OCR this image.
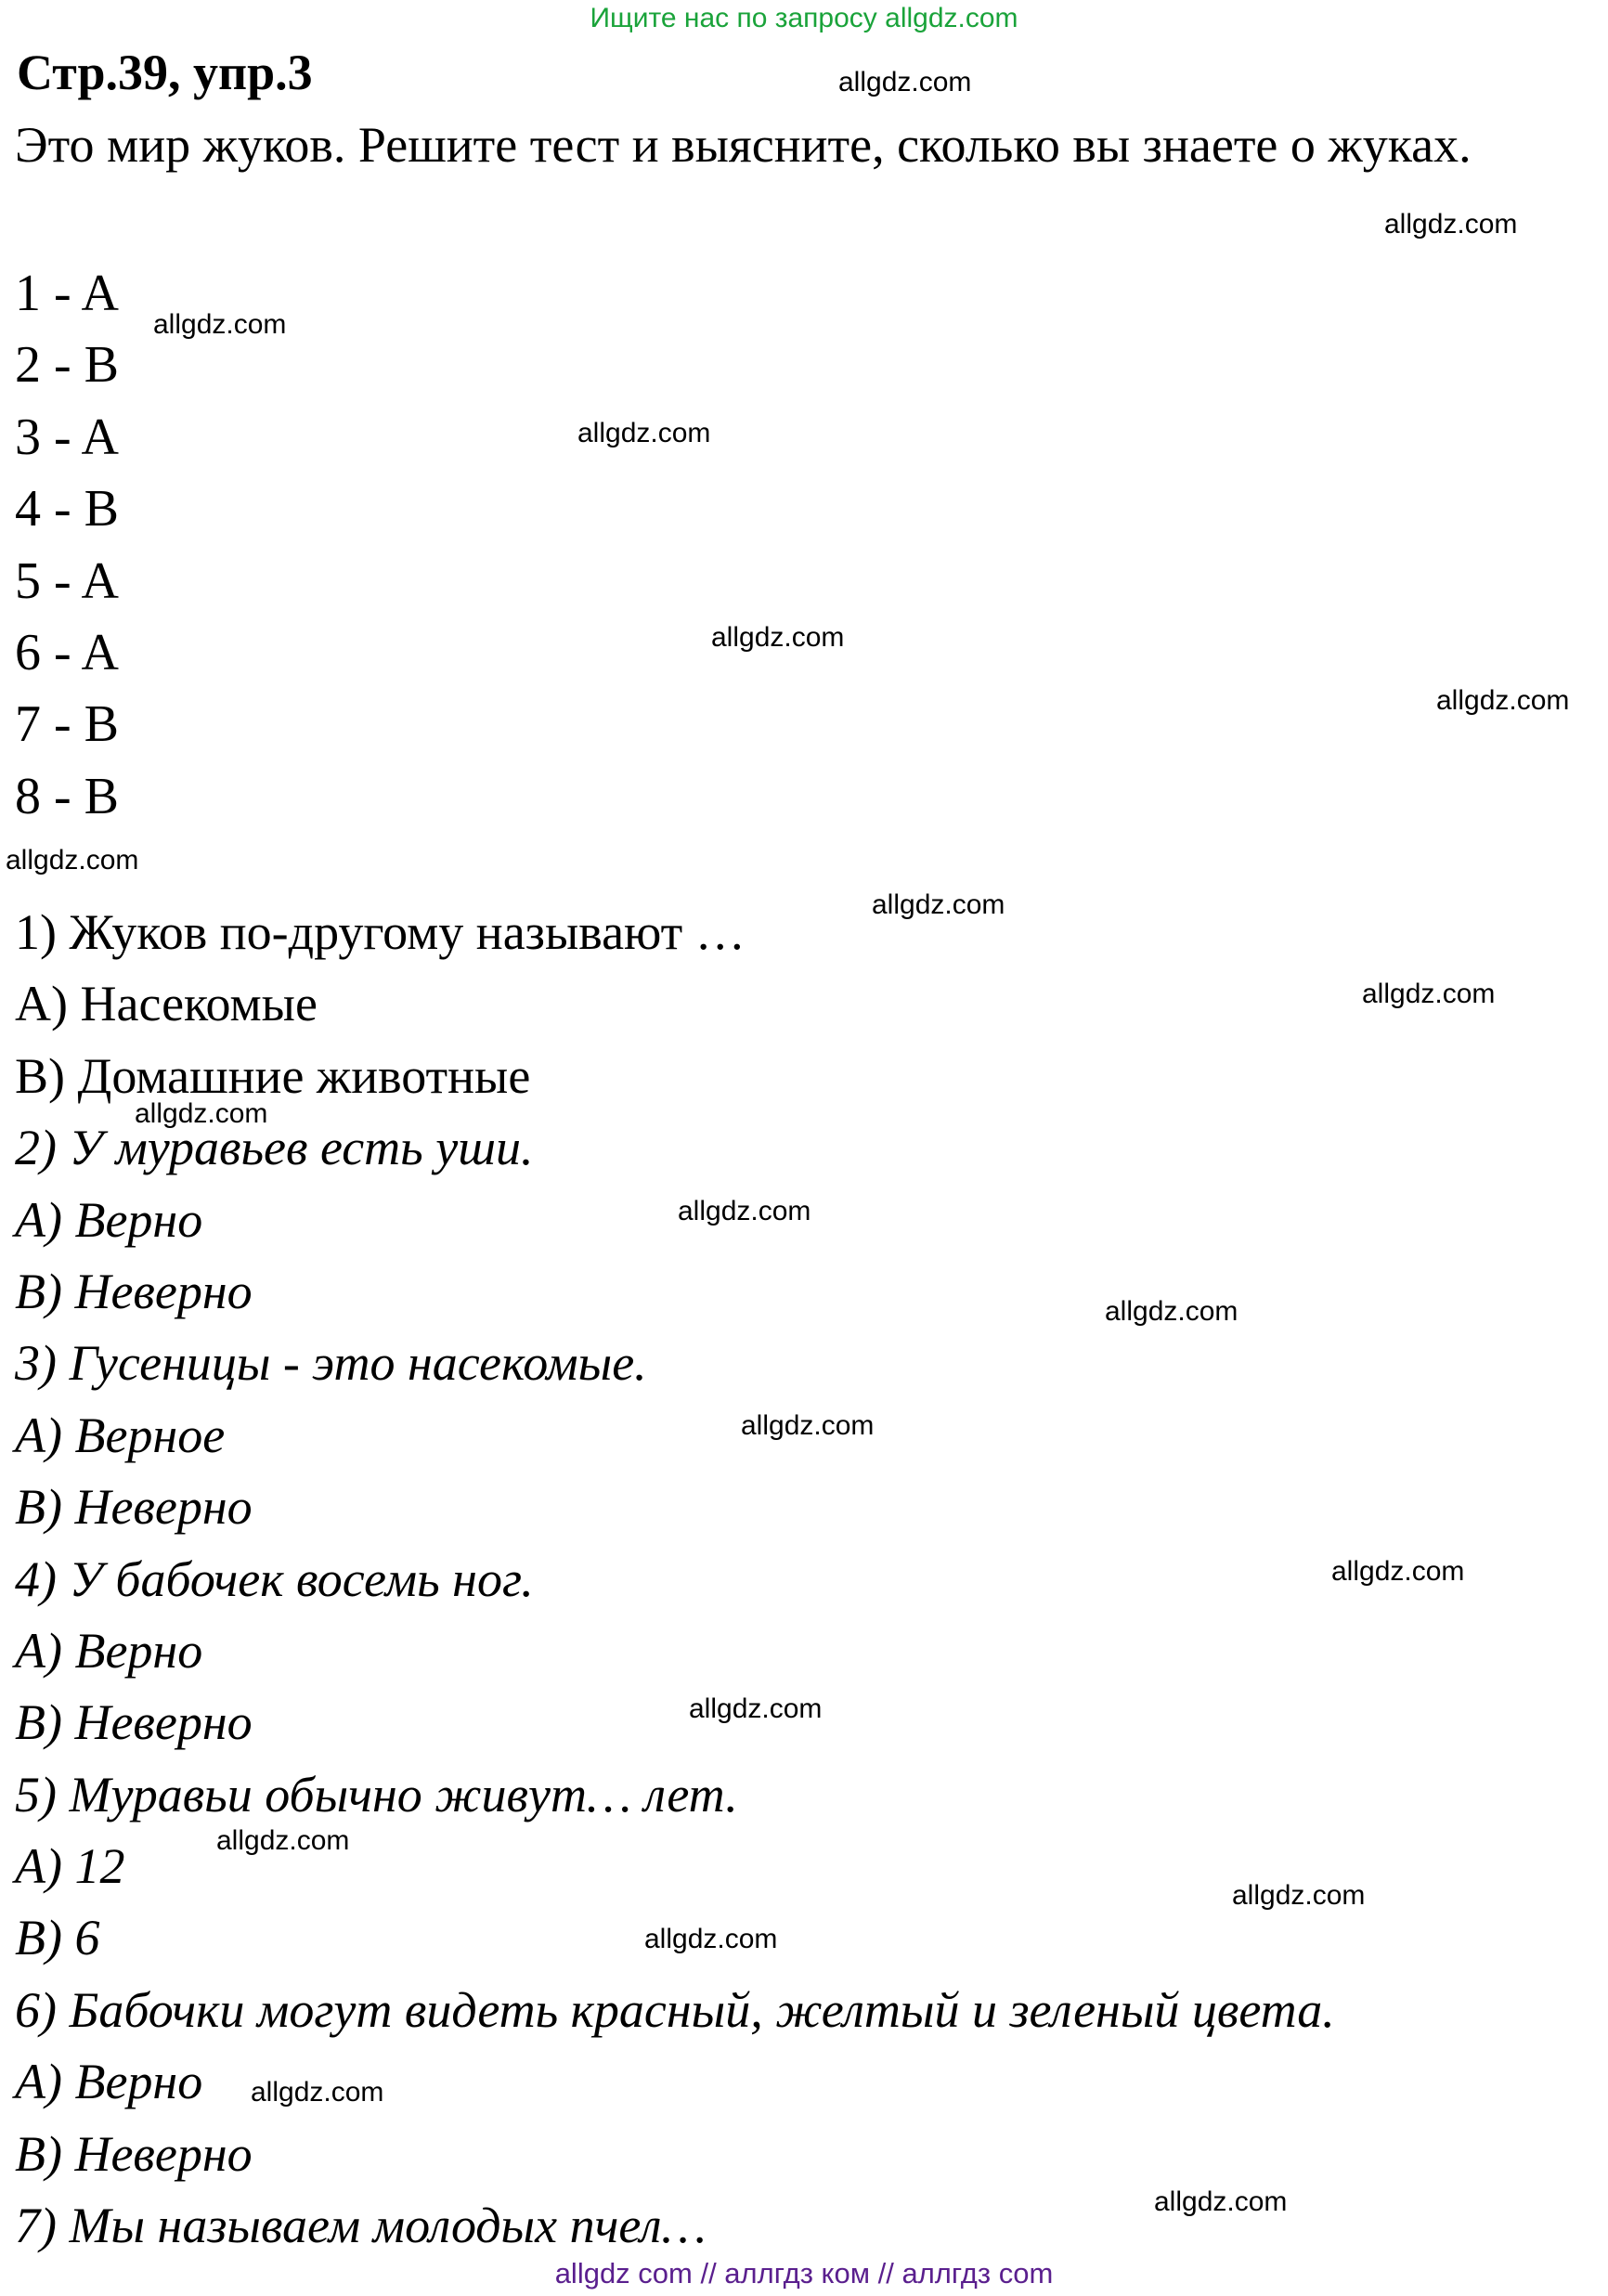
Ищите нас по запросу allgdz.com
Стр.39, упр.3
Это мир жуков. Решите тест и выясните, сколько вы знаете о жуках.
1 - A
2 - B
3 - A
4 - B
5 - A
6 - A
7 - B
8 - B
1) Жуков по-другому называют …
A) Насекомые
B) Домашние животные
2) У муравьев есть уши.
A) Верно
B) Неверно
3) Гусеницы - это насекомые.
A) Верное
B) Неверно
4) У бабочек восемь ног.
A) Верно
B) Неверно
5) Муравьи обычно живут… лет.
A) 12
B) 6
6) Бабочки могут видеть красный, желтый и зеленый цвета.
A) Верно
B) Неверно
7) Мы называем молодых пчел…
allgdz.com
allgdz.com
allgdz.com
allgdz.com
allgdz.com
allgdz.com
allgdz.com
allgdz.com
allgdz.com
allgdz.com
allgdz.com
allgdz.com
allgdz.com
allgdz.com
allgdz.com
allgdz.com
allgdz.com
allgdz.com
allgdz.com
allgdz.com
allgdz com // аллгдз ком // аллгдз com
